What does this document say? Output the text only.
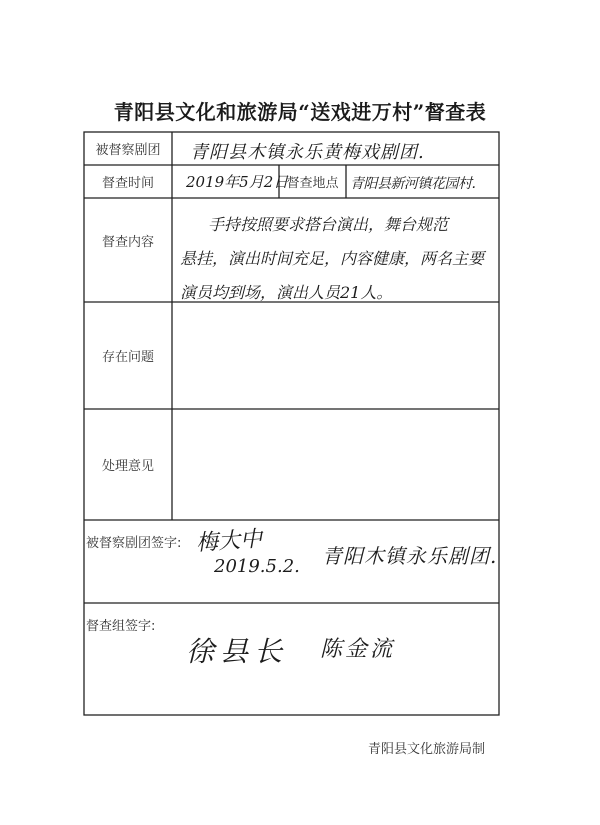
青阳县文化和旅游局“送戏进万村”督查表
被督察剧团
督查时间	督查地点
督查内容
存在问题
处理意见
被督察剧团签字:
督查组签字:
青阳县木镇永乐黄梅戏剧团.
2019年5月2日	青阳县新河镇花园村.
手持按照要求搭台演出，舞台规范
悬挂，演出时间充足，内容健康，两名主要
演员均到场，演出人员21人。
梅大中
2019.5.2. 青阳木镇永乐剧团.
徐县长 陈金流
青阳县文化旅游局制
